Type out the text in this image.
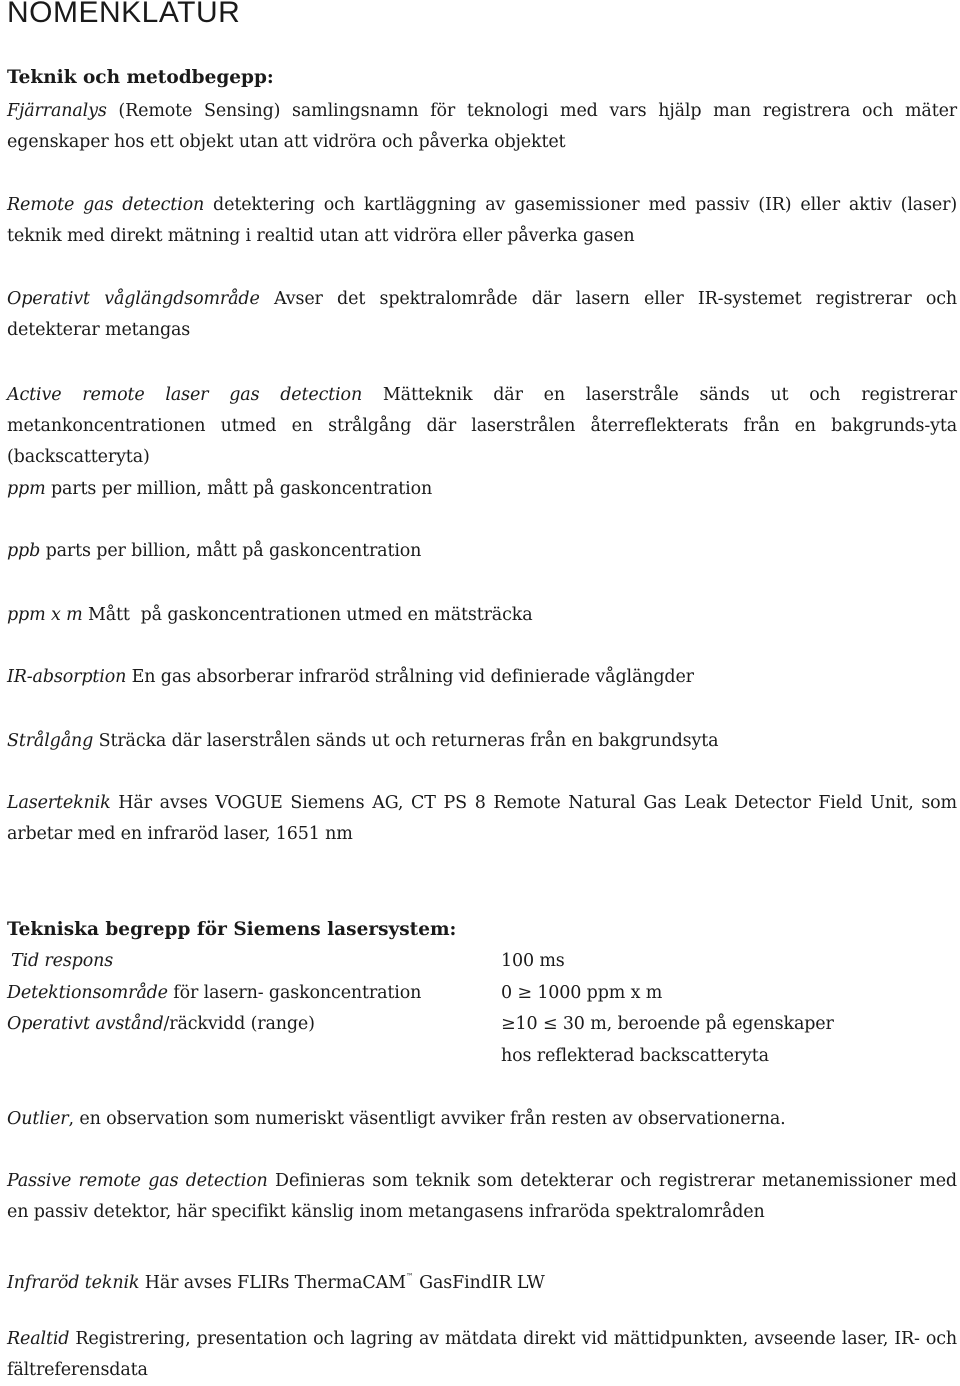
NOMENKLATUR
Teknik och metodbegepp:

Fjärranalys (Remote Sensing) samlingsnamn för teknologi med vars hjälp man registrera och mäter egenskaper hos ett objekt utan att vidröra och påverka objektet

Remote gas detection detektering och kartläggning av gasemissioner med passiv (IR) eller aktiv (laser) teknik med direkt mätning i realtid utan att vidröra eller påverka gasen

Operativt våglängdsområde Avser det spektralområde där lasern eller IR-systemet registrerar och detekterar metangas

Active remote laser gas detection Mätteknik där en laserstråle sänds ut och registrerar metankoncentrationen utmed en strålgång där laserstrålen återreflekterats från en bakgrunds-yta (backscatteryta)

ppm parts per million, mått på gaskoncentration

ppb parts per billion, mått på gaskoncentration

ppm x m Mått  på gaskoncentrationen utmed en mätsträcka

IR-absorption En gas absorberar infraröd strålning vid definierade våglängder

Strålgång Sträcka där laserstrålen sänds ut och returneras från en bakgrundsyta

Laserteknik Här avses VOGUE Siemens AG, CT PS 8 Remote Natural Gas Leak Detector Field Unit, som arbetar med en infraröd laser, 1651 nm

Tekniska begrepp för Siemens lasersystem:
Tid respons	100 ms
Detektionsområde för lasern- gaskoncentration	0 ≥ 1000 ppm x m
Operativt avstånd/räckvidd (range)	≥10 ≤ 30 m, beroende på egenskaper
hos reflekterad backscatteryta

Outlier, en observation som numeriskt väsentligt avviker från resten av observationerna.

Passive remote gas detection Definieras som teknik som detekterar och registrerar metanemissioner med en passiv detektor, här specifikt känslig inom metangasens infraröda spektralområden

Infraröd teknik Här avses FLIRs ThermaCAM™ GasFindIR LW

Realtid Registrering, presentation och lagring av mätdata direkt vid mättidpunkten, avseende laser, IR- och fältreferensdata
